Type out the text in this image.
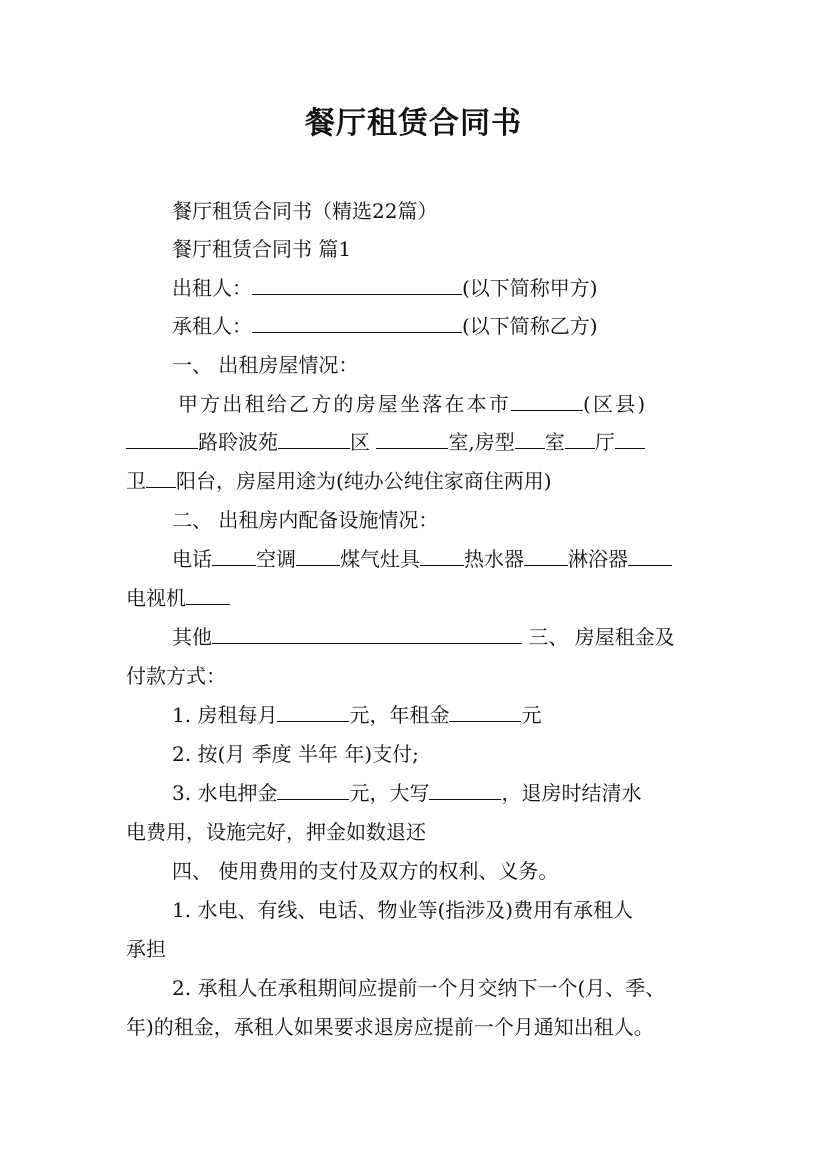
餐厅租赁合同书

餐厅租赁合同书（精选22篇）

餐厅租赁合同书 篇1

出租人：	(以下简称甲方)

承租人：	(以下简称乙方)

一、 出租房屋情况：

甲方出租给乙方的房屋坐落在本市	(区县)

路聆波苑	区	室,房型 室 厅

卫 阳台，房屋用途为(纯办公纯住家商住两用)

二、 出租房内配备设施情况：

电话 空调 煤气灶具 热水器 淋浴器

电视机

其他	三、 房屋租金及

付款方式：

1. 房租每月	元，年租金	元

2. 按(月 季度 半年 年)支付;

3. 水电押金	元，大写	，退房时结清水

电费用，设施完好，押金如数退还

四、 使用费用的支付及双方的权利、义务。

1. 水电、有线、电话、物业等(指涉及)费用有承租人

承担

2. 承租人在承租期间应提前一个月交纳下一个(月、季、

年)的租金，承租人如果要求退房应提前一个月通知出租人。
